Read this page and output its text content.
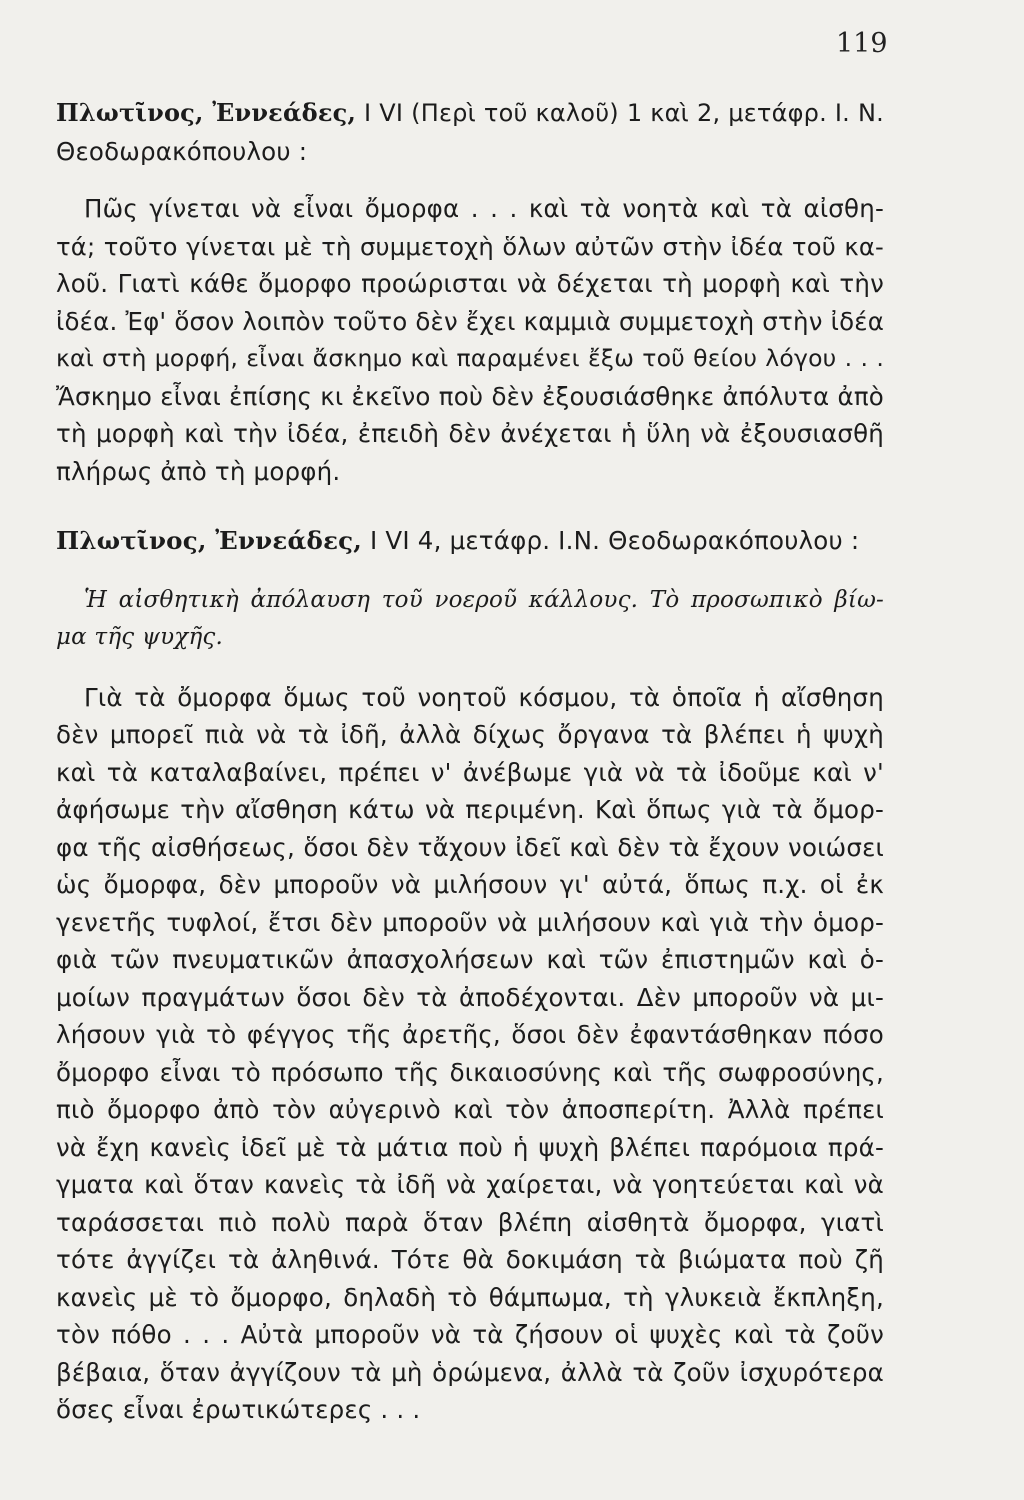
119
Πλωτῖνος, Ἐννεάδες, I VI (Περὶ τοῦ καλοῦ) 1 καὶ 2, μετάφρ. Ι. Ν.
Θεοδωρακόπουλου :
Πῶς γίνεται νὰ εἶναι ὄμορφα . . . καὶ τὰ νοητὰ καὶ τὰ αἰσθη-
τά; τοῦτο γίνεται μὲ τὴ συμμετοχὴ ὅλων αὐτῶν στὴν ἰδέα τοῦ κα-
λοῦ. Γιατὶ κάθε ὄμορφο προώρισται νὰ δέχεται τὴ μορφὴ καὶ τὴν
ἰδέα. Ἐφ' ὅσον λοιπὸν τοῦτο δὲν ἔχει καμμιὰ συμμετοχὴ στὴν ἰδέα
καὶ στὴ μορφή, εἶναι ἄσκημο καὶ παραμένει ἔξω τοῦ θείου λόγου . . .
Ἄσκημο εἶναι ἐπίσης κι ἐκεῖνο ποὺ δὲν ἐξουσιάσθηκε ἀπόλυτα ἀπὸ
τὴ μορφὴ καὶ τὴν ἰδέα, ἐπειδὴ δὲν ἀνέχεται ἡ ὕλη νὰ ἐξουσιασθῆ
πλήρως ἀπὸ τὴ μορφή.
Πλωτῖνος, Ἐννεάδες, I VI 4, μετάφρ. Ι.Ν. Θεοδωρακόπουλου :
Ἡ αἰσθητικὴ ἀπόλαυση τοῦ νοεροῦ κάλλους. Τὸ προσωπικὸ βίω-
μα τῆς ψυχῆς.
Γιὰ τὰ ὄμορφα ὅμως τοῦ νοητοῦ κόσμου, τὰ ὁποῖα ἡ αἴσθηση
δὲν μπορεῖ πιὰ νὰ τὰ ἰδῆ, ἀλλὰ δίχως ὄργανα τὰ βλέπει ἡ ψυχὴ
καὶ τὰ καταλαβαίνει, πρέπει ν' ἀνέβωμε γιὰ νὰ τὰ ἰδοῦμε καὶ ν'
ἀφήσωμε τὴν αἴσθηση κάτω νὰ περιμένη. Καὶ ὅπως γιὰ τὰ ὄμορ-
φα τῆς αἰσθήσεως, ὅσοι δὲν τἄχουν ἰδεῖ καὶ δὲν τὰ ἔχουν νοιώσει
ὡς ὄμορφα, δὲν μποροῦν νὰ μιλήσουν γι' αὐτά, ὅπως π.χ. οἱ ἐκ
γενετῆς τυφλοί, ἔτσι δὲν μποροῦν νὰ μιλήσουν καὶ γιὰ τὴν ὁμορ-
φιὰ τῶν πνευματικῶν ἀπασχολήσεων καὶ τῶν ἐπιστημῶν καὶ ὁ-
μοίων πραγμάτων ὅσοι δὲν τὰ ἀποδέχονται. Δὲν μποροῦν νὰ μι-
λήσουν γιὰ τὸ φέγγος τῆς ἀρετῆς, ὅσοι δὲν ἐφαντάσθηκαν πόσο
ὄμορφο εἶναι τὸ πρόσωπο τῆς δικαιοσύνης καὶ τῆς σωφροσύνης,
πιὸ ὄμορφο ἀπὸ τὸν αὐγερινὸ καὶ τὸν ἀποσπερίτη. Ἀλλὰ πρέπει
νὰ ἔχη κανεὶς ἰδεῖ μὲ τὰ μάτια ποὺ ἡ ψυχὴ βλέπει παρόμοια πρά-
γματα καὶ ὅταν κανεὶς τὰ ἰδῆ νὰ χαίρεται, νὰ γοητεύεται καὶ νὰ
ταράσσεται πιὸ πολὺ παρὰ ὅταν βλέπη αἰσθητὰ ὄμορφα, γιατὶ
τότε ἀγγίζει τὰ ἀληθινά. Τότε θὰ δοκιμάση τὰ βιώματα ποὺ ζῆ
κανεὶς μὲ τὸ ὄμορφο, δηλαδὴ τὸ θάμπωμα, τὴ γλυκειὰ ἔκπληξη,
τὸν πόθο . . . Αὐτὰ μποροῦν νὰ τὰ ζήσουν οἱ ψυχὲς καὶ τὰ ζοῦν
βέβαια, ὅταν ἀγγίζουν τὰ μὴ ὁρώμενα, ἀλλὰ τὰ ζοῦν ἰσχυρότερα
ὅσες εἶναι ἐρωτικώτερες . . .
